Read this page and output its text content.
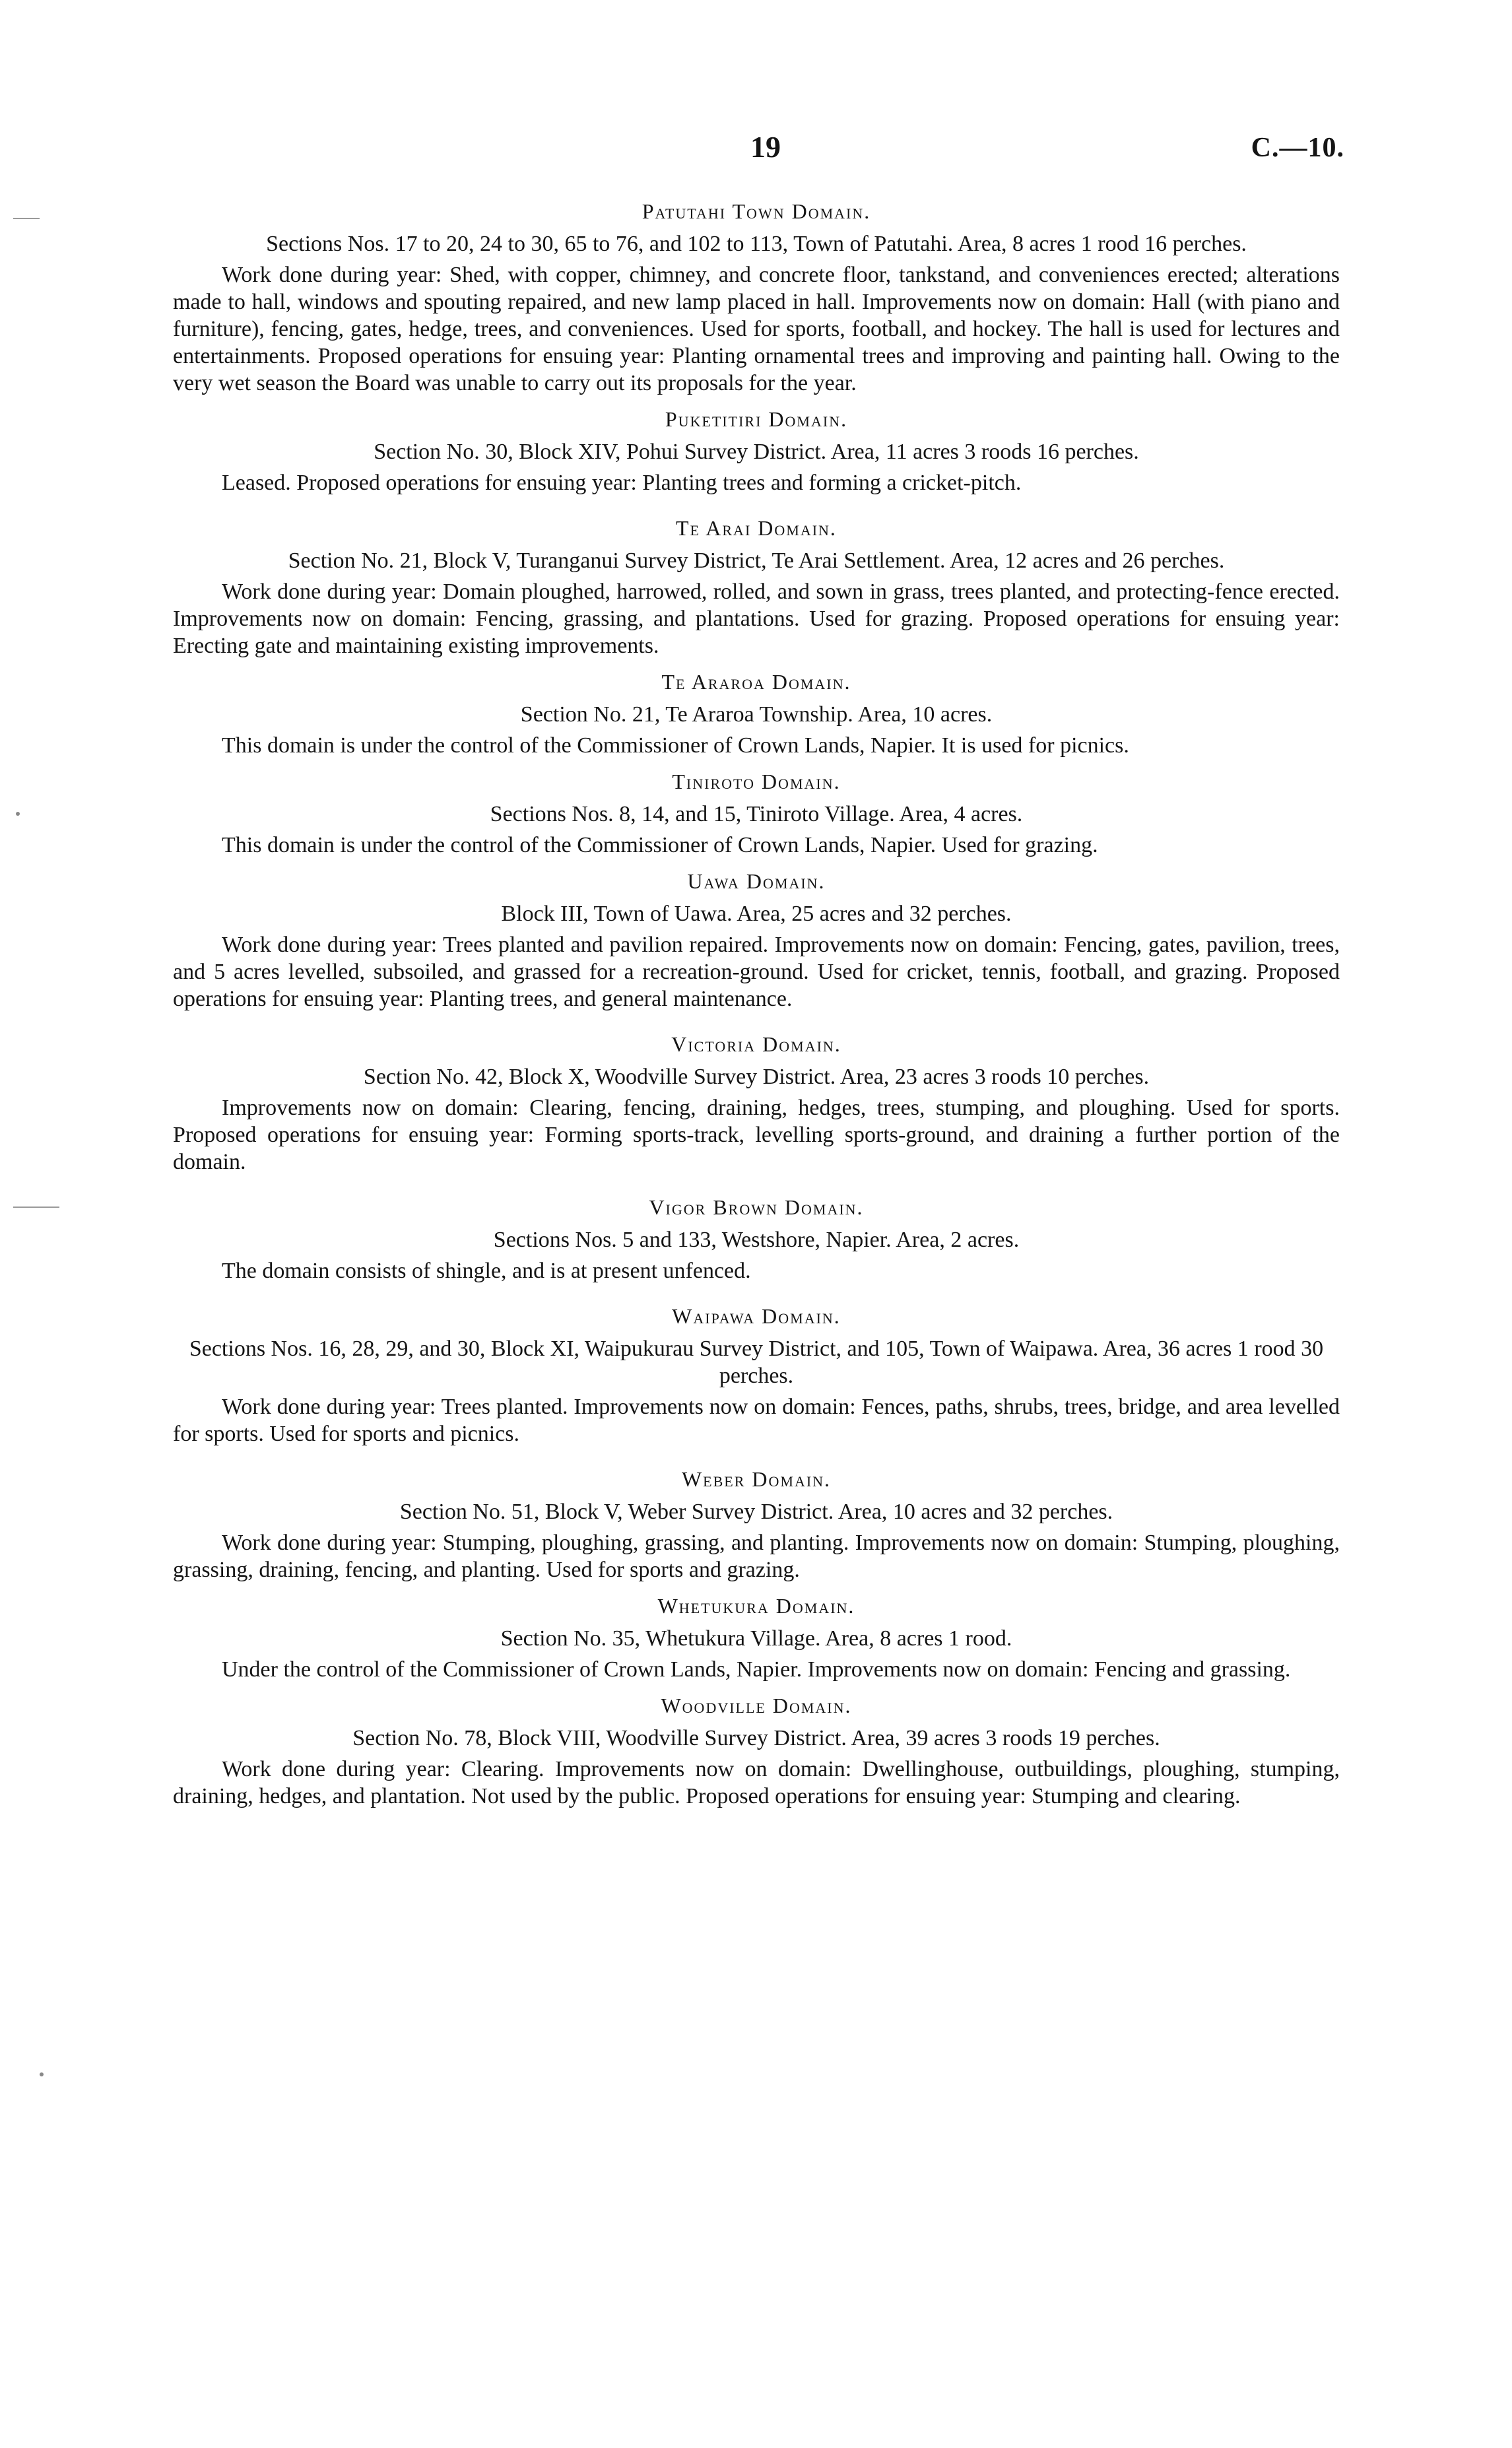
19	C.—10.
Patutahi Town Domain.
Sections Nos. 17 to 20, 24 to 30, 65 to 76, and 102 to 113, Town of Patutahi. Area, 8 acres 1 rood 16 perches.
Work done during year: Shed, with copper, chimney, and concrete floor, tankstand, and conveniences erected; alterations made to hall, windows and spouting repaired, and new lamp placed in hall. Improvements now on domain: Hall (with piano and furniture), fencing, gates, hedge, trees, and conveniences. Used for sports, football, and hockey. The hall is used for lectures and entertainments. Proposed operations for ensuing year: Planting ornamental trees and improving and painting hall. Owing to the very wet season the Board was unable to carry out its proposals for the year.
Puketitiri Domain.
Section No. 30, Block XIV, Pohui Survey District. Area, 11 acres 3 roods 16 perches.
Leased. Proposed operations for ensuing year: Planting trees and forming a cricket-pitch.
Te Arai Domain.
Section No. 21, Block V, Turanganui Survey District, Te Arai Settlement. Area, 12 acres and 26 perches.
Work done during year: Domain ploughed, harrowed, rolled, and sown in grass, trees planted, and protecting-fence erected. Improvements now on domain: Fencing, grassing, and plantations. Used for grazing. Proposed operations for ensuing year: Erecting gate and maintaining existing improvements.
Te Araroa Domain.
Section No. 21, Te Araroa Township. Area, 10 acres.
This domain is under the control of the Commissioner of Crown Lands, Napier. It is used for picnics.
Tiniroto Domain.
Sections Nos. 8, 14, and 15, Tiniroto Village. Area, 4 acres.
This domain is under the control of the Commissioner of Crown Lands, Napier. Used for grazing.
Uawa Domain.
Block III, Town of Uawa. Area, 25 acres and 32 perches.
Work done during year: Trees planted and pavilion repaired. Improvements now on domain: Fencing, gates, pavilion, trees, and 5 acres levelled, subsoiled, and grassed for a recreation-ground. Used for cricket, tennis, football, and grazing. Proposed operations for ensuing year: Planting trees, and general maintenance.
Victoria Domain.
Section No. 42, Block X, Woodville Survey District. Area, 23 acres 3 roods 10 perches.
Improvements now on domain: Clearing, fencing, draining, hedges, trees, stumping, and ploughing. Used for sports. Proposed operations for ensuing year: Forming sports-track, levelling sports-ground, and draining a further portion of the domain.
Vigor Brown Domain.
Sections Nos. 5 and 133, Westshore, Napier. Area, 2 acres.
The domain consists of shingle, and is at present unfenced.
Waipawa Domain.
Sections Nos. 16, 28, 29, and 30, Block XI, Waipukurau Survey District, and 105, Town of Waipawa. Area, 36 acres 1 rood 30 perches.
Work done during year: Trees planted. Improvements now on domain: Fences, paths, shrubs, trees, bridge, and area levelled for sports. Used for sports and picnics.
Weber Domain.
Section No. 51, Block V, Weber Survey District. Area, 10 acres and 32 perches.
Work done during year: Stumping, ploughing, grassing, and planting. Improvements now on domain: Stumping, ploughing, grassing, draining, fencing, and planting. Used for sports and grazing.
Whetukura Domain.
Section No. 35, Whetukura Village. Area, 8 acres 1 rood.
Under the control of the Commissioner of Crown Lands, Napier. Improvements now on domain: Fencing and grassing.
Woodville Domain.
Section No. 78, Block VIII, Woodville Survey District. Area, 39 acres 3 roods 19 perches.
Work done during year: Clearing. Improvements now on domain: Dwellinghouse, outbuildings, ploughing, stumping, draining, hedges, and plantation. Not used by the public. Proposed operations for ensuing year: Stumping and clearing.
